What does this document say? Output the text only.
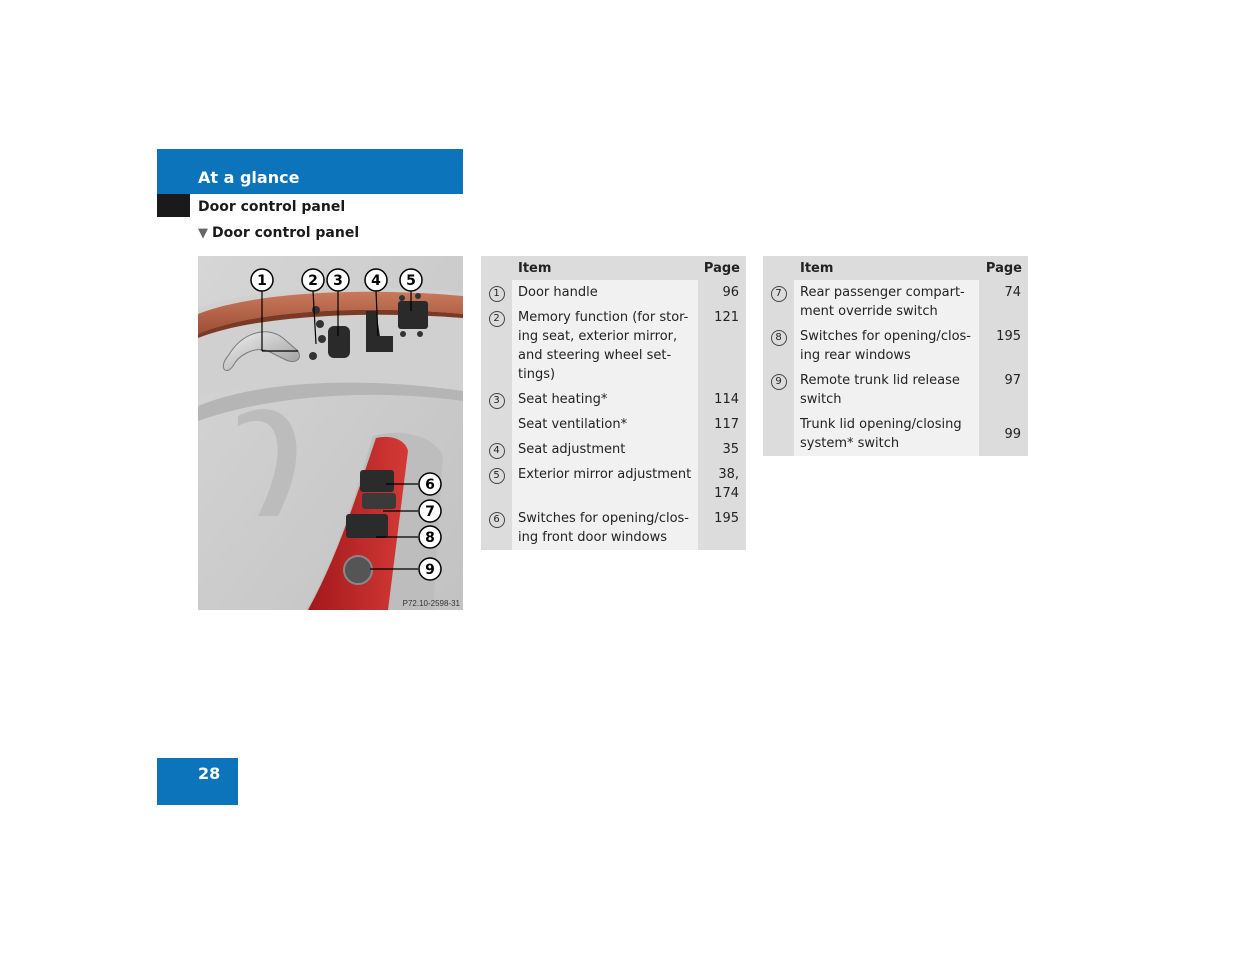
At a glance
Door control panel
▼ Door control panel
1	2 3 4 5
6
7
8
9
P72.10-2598-31
	Item	Page
1	Door handle	96
2	Memory function (for stor-
ing seat, exterior mirror,
and steering wheel set-
tings)	121
3	Seat heating*	114
	Seat ventilation*	117
4	Seat adjustment	35
5	Exterior mirror adjustment	38,
174
6	Switches for opening/clos-
ing front door windows	195
	Item	Page
7	Rear passenger compart-
ment override switch	74
8	Switches for opening/clos-
ing rear windows	195
9	Remote trunk lid release
switch	97
	Trunk lid opening/closing
system* switch	99
28
